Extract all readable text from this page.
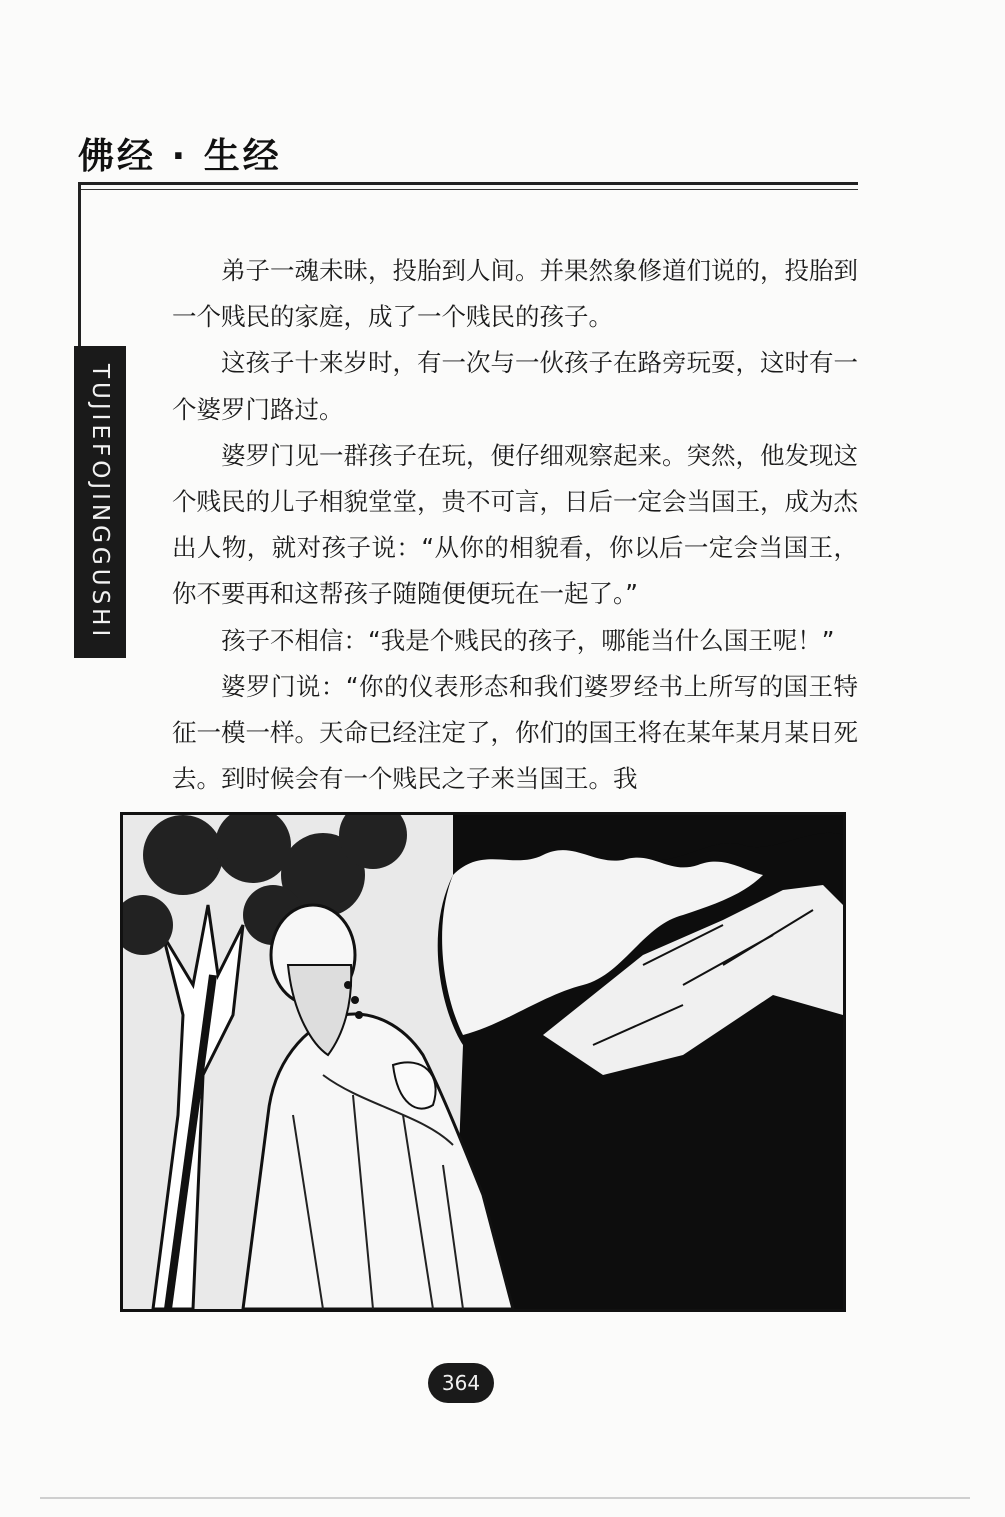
佛经 · 生经
TUJIEFOJINGGUSHI

弟子一魂未昧，投胎到人间。并果然象修道们说的，投胎到一个贱民的家庭，成了一个贱民的孩子。

这孩子十来岁时，有一次与一伙孩子在路旁玩耍，这时有一个婆罗门路过。

婆罗门见一群孩子在玩，便仔细观察起来。突然，他发现这个贱民的儿子相貌堂堂，贵不可言，日后一定会当国王，成为杰出人物，就对孩子说：“从你的相貌看，你以后一定会当国王，你不要再和这帮孩子随随便便玩在一起了。”

孩子不相信：“我是个贱民的孩子，哪能当什么国王呢！”

婆罗门说：“你的仪表形态和我们婆罗经书上所写的国王特征一模一样。天命已经注定了，你们的国王将在某年某月某日死去。到时候会有一个贱民之子来当国王。我

364
